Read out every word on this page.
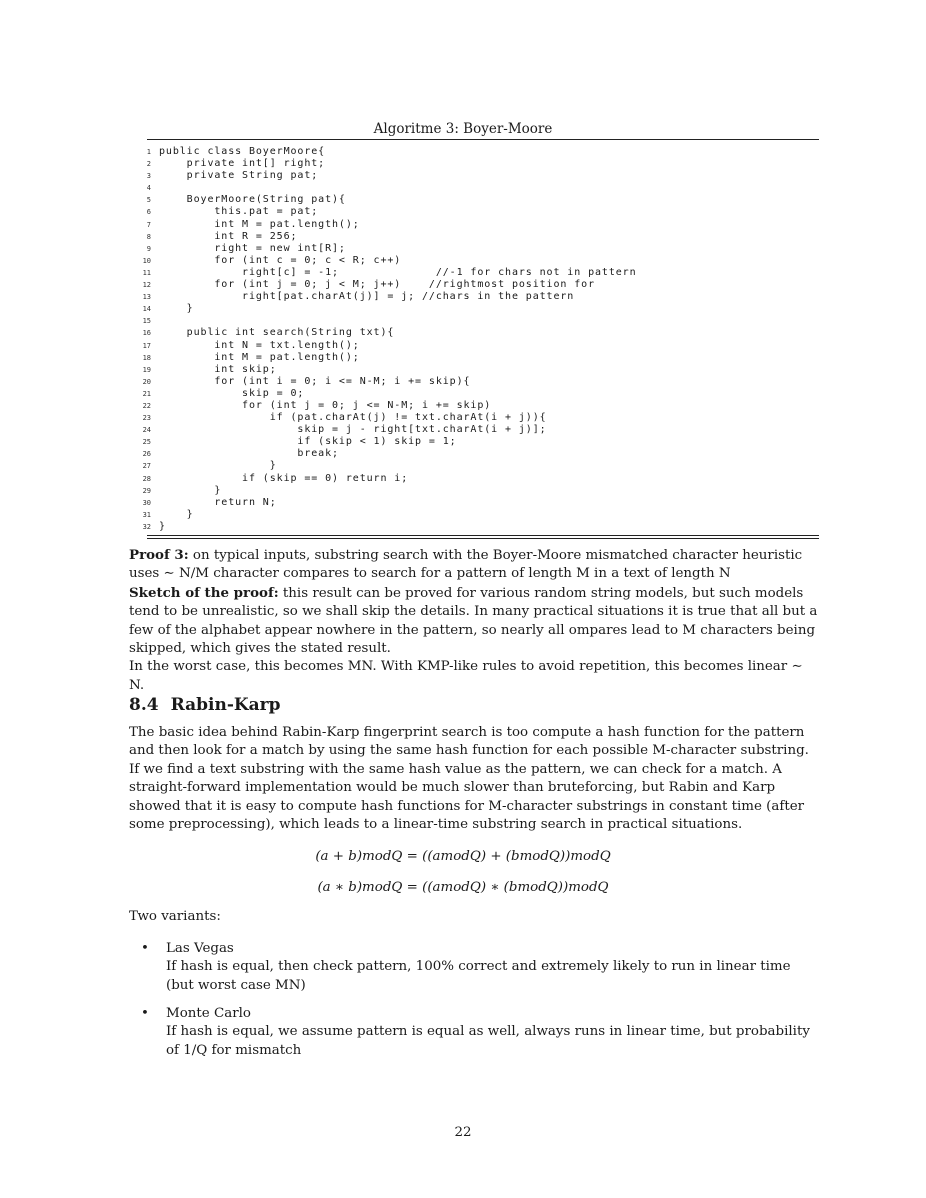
Algoritme 3: Boyer-Moore
1 public class BoyerMoore{
2 private int[] right;
3 private String pat;
4
5 BoyerMoore(String pat){
6 this.pat = pat;
7 int M = pat.length();
8 int R = 256;
9 right = new int[R];
10 for (int c = 0; c < R; c++)
11 right[c] = -1;              //-1 for chars not in pattern
12 for (int j = 0; j < M; j++)    //rightmost position for
13 right[pat.charAt(j)] = j; //chars in the pattern
14 }
15
16 public int search(String txt){
17 int N = txt.length();
18 int M = pat.length();
19 int skip;
20 for (int i = 0; i <= N-M; i += skip){
21 skip = 0;
22 for (int j = 0; j <= N-M; i += skip)
23 if (pat.charAt(j) != txt.charAt(i + j)){
24 skip = j - right[txt.charAt(i + j)];
25 if (skip < 1) skip = 1;
26 break;
27 }
28 if (skip == 0) return i;
29 }
30 return N;
31 }
32 }

Proof 3: on typical inputs, substring search with the Boyer-Moore mismatched character heuristic uses ∼ N/M character compares to search for a pattern of length M in a text of length N

Sketch of the proof: this result can be proved for various random string models, but such models tend to be unrealistic, so we shall skip the details. In many practical situations it is true that all but a few of the alphabet appear nowhere in the pattern, so nearly all ompares lead to M characters being skipped, which gives the stated result.

In the worst case, this becomes MN. With KMP-like rules to avoid repetition, this becomes linear ∼ N.

8.4 Rabin-Karp
The basic idea behind Rabin-Karp fingerprint search is too compute a hash function for the pattern and then look for a match by using the same hash function for each possible M-character substring. If we find a text substring with the same hash value as the pattern, we can check for a match. A straight-forward implementation would be much slower than bruteforcing, but Rabin and Karp showed that it is easy to compute hash functions for M-character substrings in constant time (after some preprocessing), which leads to a linear-time substring search in practical situations.
(a + b)modQ = ((amodQ) + (bmodQ))modQ
(a ∗ b)modQ = ((amodQ) ∗ (bmodQ))modQ
Two variants:
•	Las Vegas
If hash is equal, then check pattern, 100% correct and extremely likely to run in linear time (but worst case MN)
•	Monte Carlo
If hash is equal, we assume pattern is equal as well, always runs in linear time, but probability of 1/Q for mismatch
22
